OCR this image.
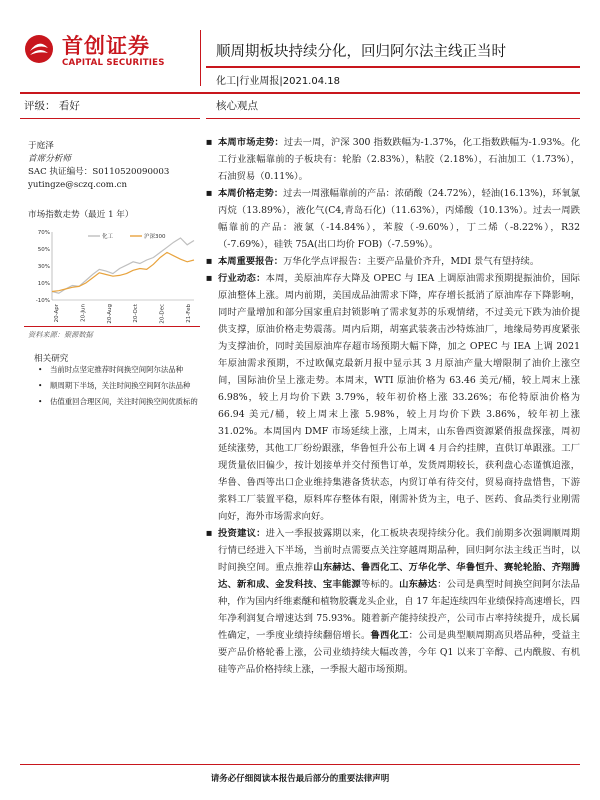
首创证券
CAPITAL SECURITIES
顺周期板块持续分化，回归阿尔法主线正当时
化工|行业周报|2021.04.18
评级： 看好	核心观点
于庭泽
首席分析师
SAC 执证编号：S0110520090003
yutingze@sczq.com.cn
市场指数走势（最近 1 年）
-10%
10%
30%
50%
70%
20-Apr	20-Jun	20-Aug	20-Oct	20-Dec	21-Feb
化工	沪深300
资料来源：聚源数据
相关研究
• 当前时点坚定推荐时间换空间阿尔法品种
• 顺周期下半场，关注时间换空间阿尔法品种
• 估值重回合理区间，关注时间换空间优质标的

■ 本周市场走势：过去一周，沪深 300 指数跌幅为-1.37%，化工指数跌幅为-1.93%。化工行业涨幅靠前的子板块有：轮胎（2.83%），粘胶（2.18%），石油加工（1.73%），石油贸易（0.11%）。

■ 本周价格走势：过去一周涨幅靠前的产品：浓硝酸（24.72%），轻油(16.13%)，环氧氯丙烷（13.89%），液化气(C4,青岛石化)（11.63%），丙烯酸（10.13%）。过去一周跌幅靠前的产品：液氯（-14.84%），苯胺（-9.60%），丁二烯（-8.22%），R32（-7.69%），硅铁 75A(出口均价 FOB)（-7.59%）。

■ 本周重要报告：万华化学点评报告：主要产品量价齐升，MDI 景气有望持续。

■ 行业动态：本周，美原油库存大降及 OPEC 与 IEA 上调原油需求预期提振油价，国际原油整体上涨。周内前期，美国成品油需求下降，库存增长抵消了原油库存下降影响，同时产量增加和部分国家重启封锁影响了需求复苏的乐观情绪，不过美元下跌为油价提供支撑，原油价格走势震荡。周内后期，胡塞武装袭击沙特炼油厂，地缘局势再度紧张为支撑油价，同时美国原油库存超市场预期大幅下降，加之 OPEC 与 IEA 上调 2021 年原油需求预期，不过欧佩克最新月报中显示其 3 月原油产量大增限制了油价上涨空间，国际油价呈上涨走势。本周末，WTI 原油价格为 63.46 美元/桶，较上周末上涨 6.98%，较上月均价下跌 3.79%，较年初价格上涨 33.26%；布伦特原油价格为 66.94 美元/桶，较上周末上涨 5.98%，较上月均价下跌 3.86%，较年初上涨 31.02%。本周国内 DMF 市场延续上涨，上周末，山东鲁西资源紧俏报盘探涨，周初延续涨势，其他工厂纷纷跟涨，华鲁恒升公布上调 4 月合约挂牌，直供订单跟涨。工厂现货量依旧偏少，按计划接单并交付预售订单，发货周期较长，获利盘心态谨慎追涨，华鲁、鲁西等出口企业维持集港备货状态，内贸订单有待交付，贸易商持盘惜售，下游浆料工厂装置平稳，原料库存整体有限，刚需补货为主，电子、医药、食品类行业刚需向好，海外市场需求向好。

■ 投资建议：进入一季报披露期以来，化工板块表现持续分化。我们前期多次强调顺周期行情已经进入下半场，当前时点需要点关注穿越周期品种，回归阿尔法主线正当时，以时间换空间。重点推荐山东赫达、鲁西化工、万华化学、华鲁恒升、赛轮轮胎、齐翔腾达、新和成、金发科技、宝丰能源等标的。山东赫达：公司是典型时间换空间阿尔法品种，作为国内纤维素醚和植物胶囊龙头企业，自 17 年起连续四年业绩保持高速增长，四年净利润复合增速达到 75.93%。随着新产能持续投产，公司市占率持续提升，成长属性确定，一季度业绩持续翻倍增长。鲁西化工：公司是典型顺周期高贝塔品种，受益主要产品价格轮番上涨，公司业绩持续大幅改善，今年 Q1 以来丁辛醇、己内酰胺、有机硅等产品价格持续上涨，一季报大超市场预期。

请务必仔细阅读本报告最后部分的重要法律声明
